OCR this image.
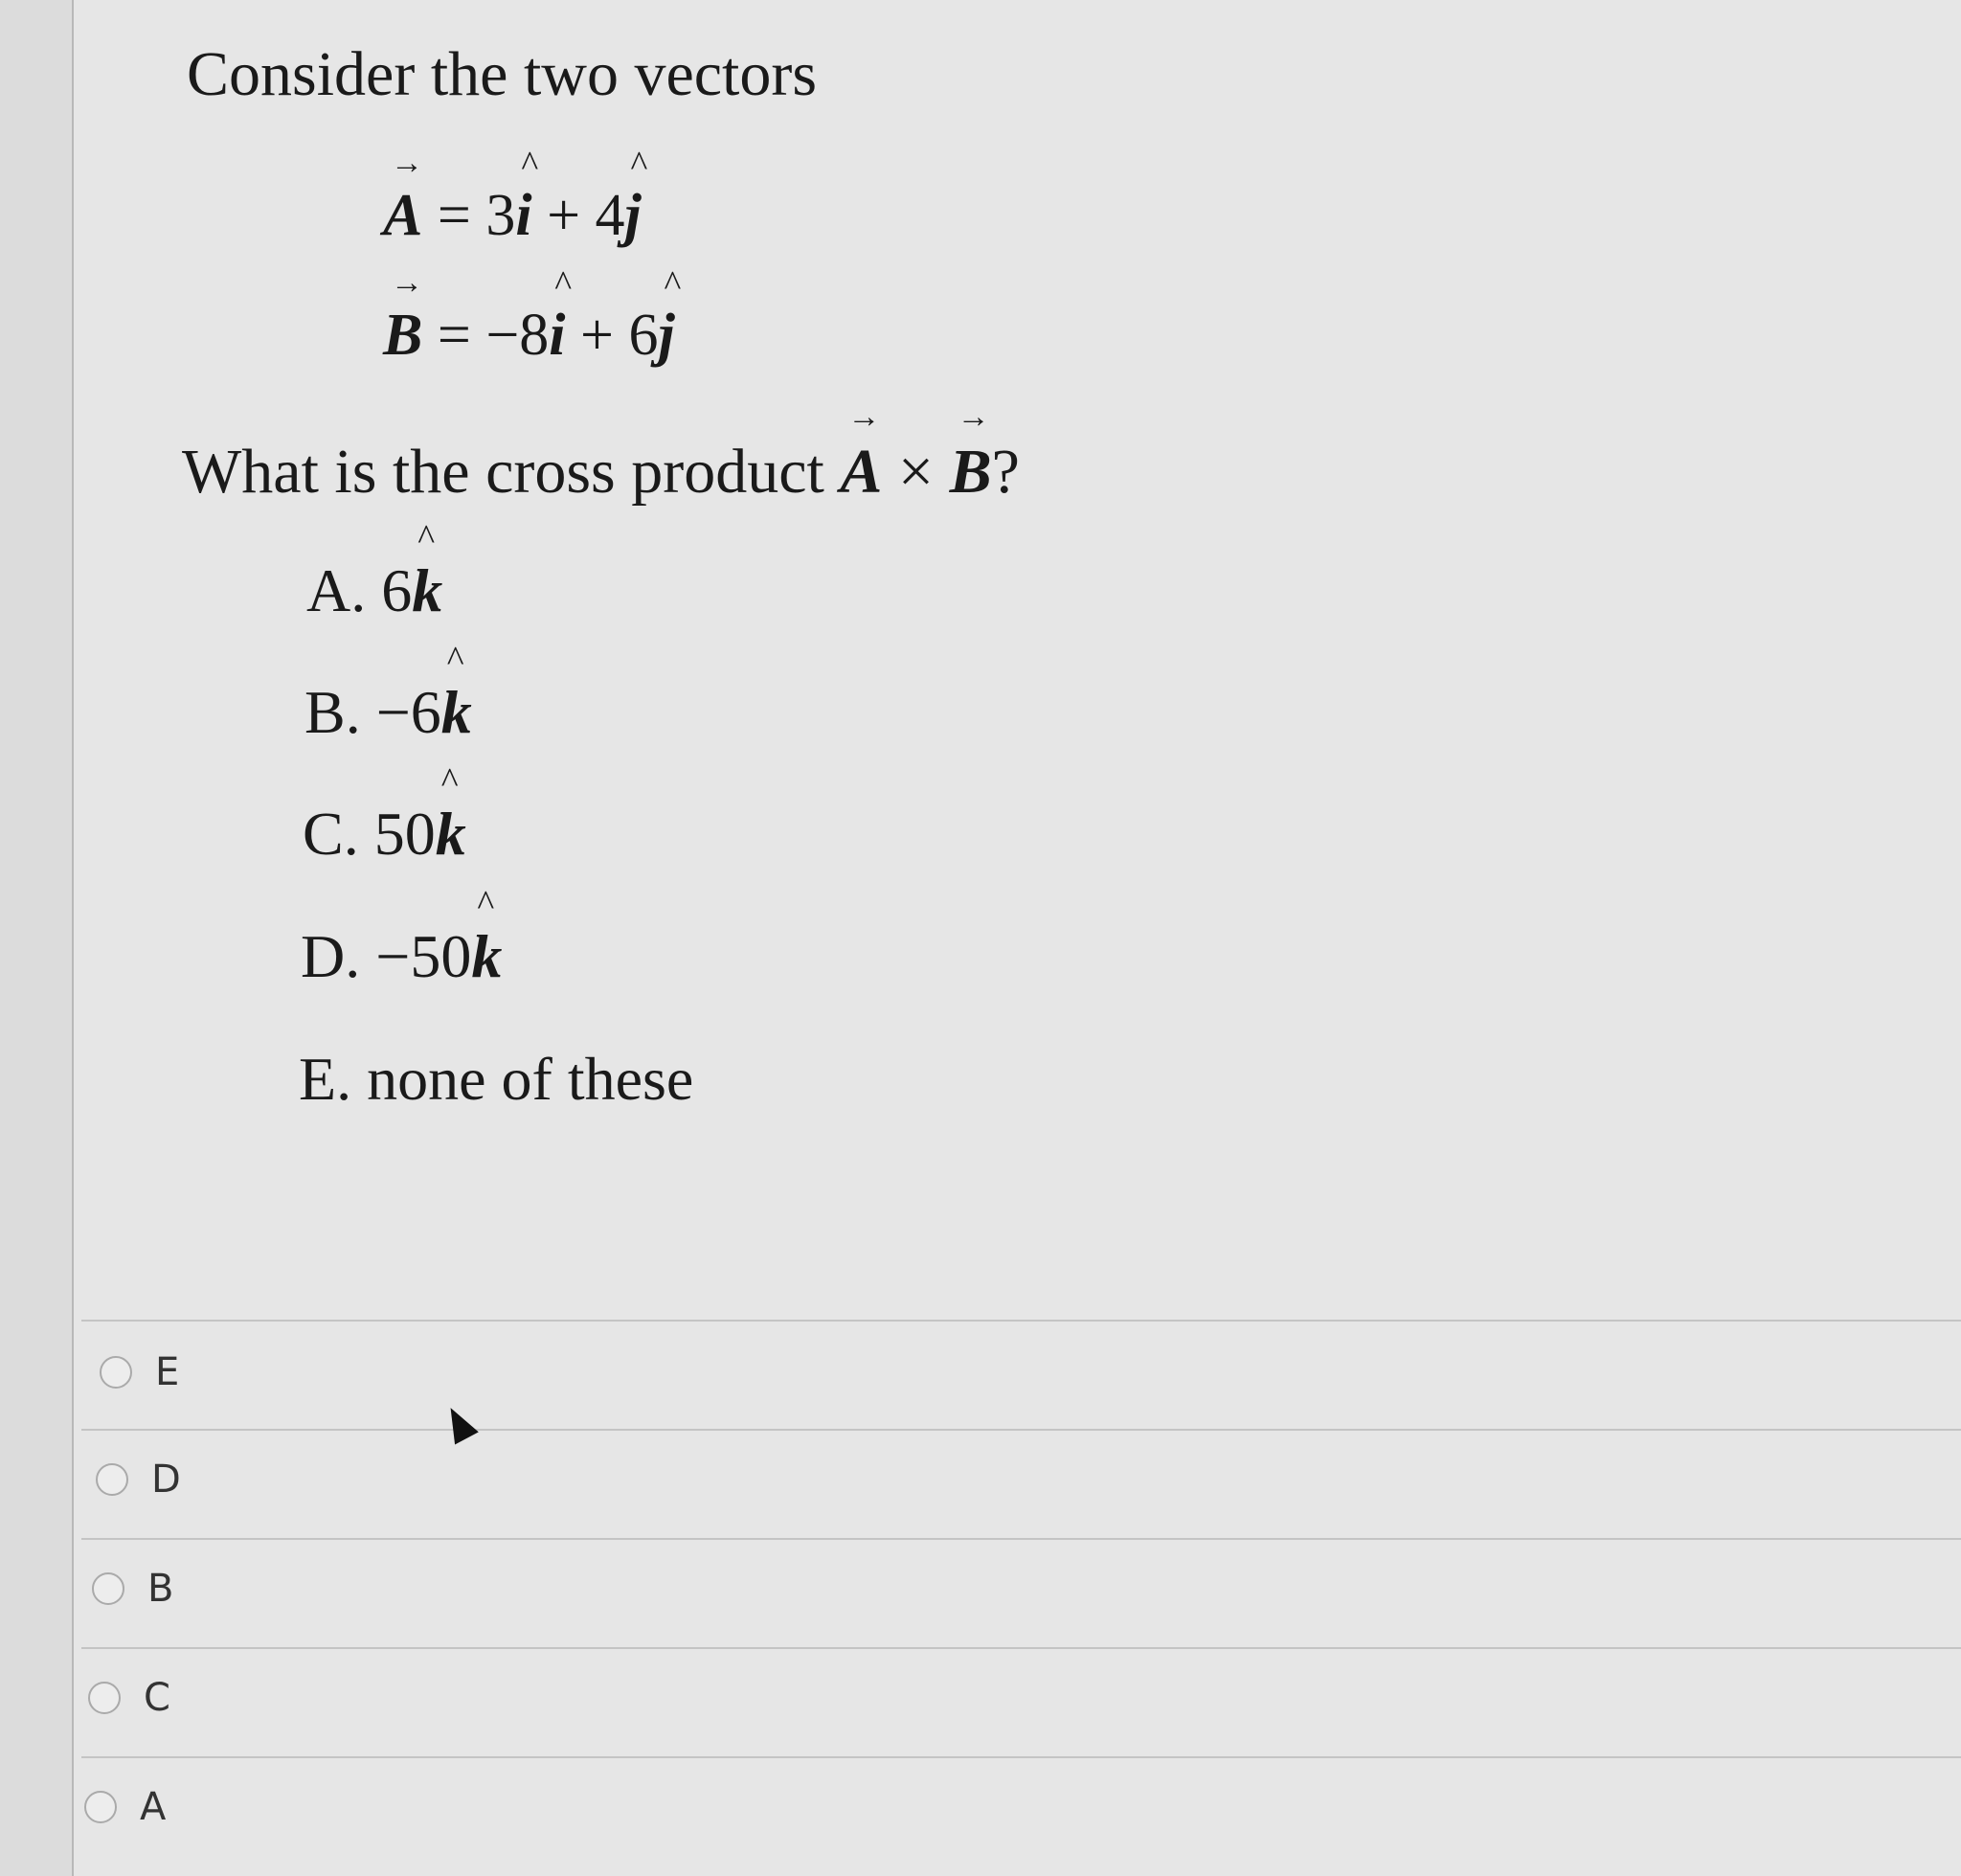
Consider the two vectors
→ A = 3^ i + 4^ j
→ B = −8^ i + 6^ j
What is the cross product → A × → B?
A. 6^ k
B. −6^ k
C. 50^ k
D. −50^ k
E. none of these
E
D
B
C
A
